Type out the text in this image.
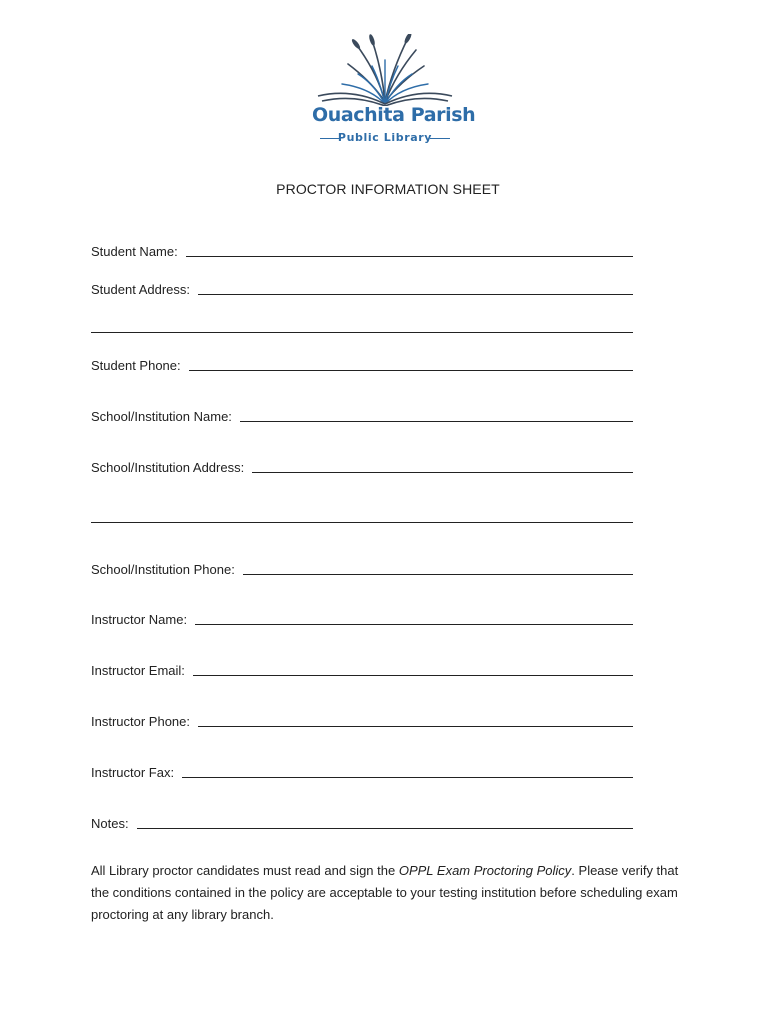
Ouachita Parish
Public Library
PROCTOR INFORMATION SHEET
Student Name:
Student Address:
Student Phone:
School/Institution Name:
School/Institution Address:
School/Institution Phone:
Instructor Name:
Instructor Email:
Instructor Phone:
Instructor Fax:
Notes:
All Library proctor candidates must read and sign the OPPL Exam Proctoring Policy. Please verify that the conditions contained in the policy are acceptable to your testing institution before scheduling exam proctoring at any library branch.
